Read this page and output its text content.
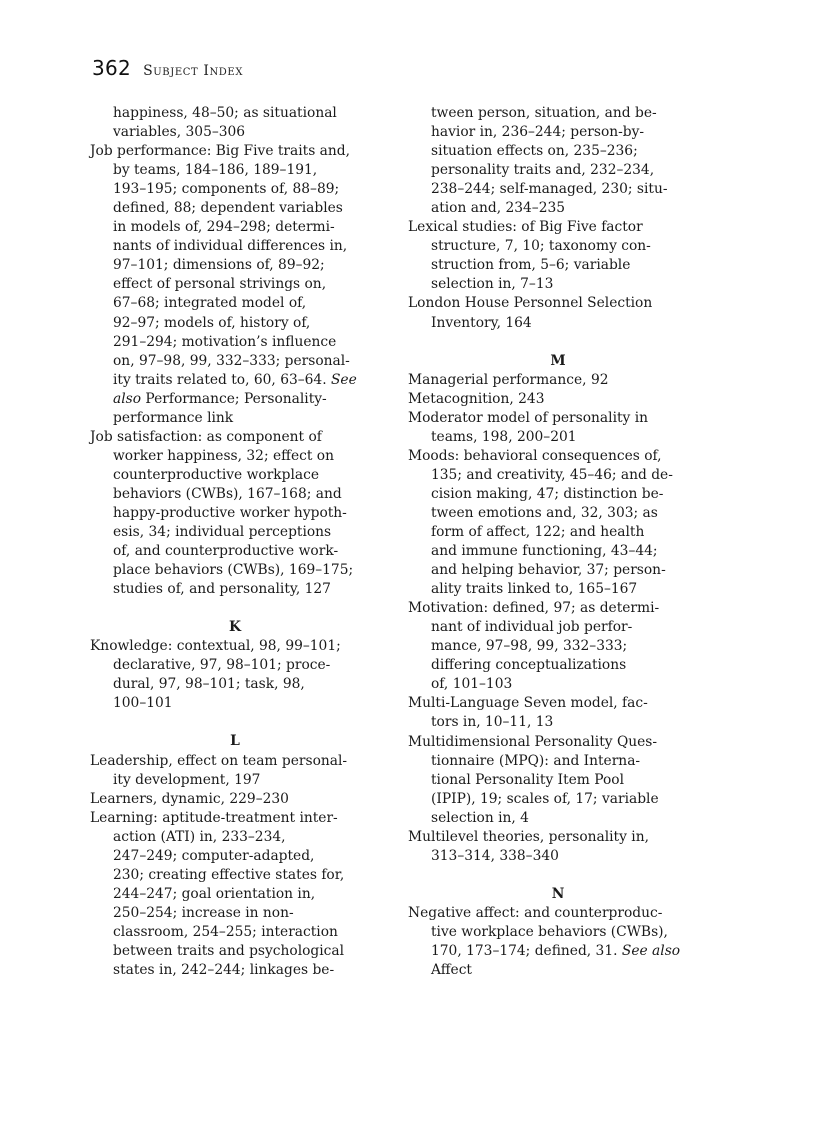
362 Subject Index
happiness, 48–50; as situational
variables, 305–306
Job performance: Big Five traits and,
by teams, 184–186, 189–191,
193–195; components of, 88–89;
defined, 88; dependent variables
in models of, 294–298; determi-
nants of individual differences in,
97–101; dimensions of, 89–92;
effect of personal strivings on,
67–68; integrated model of,
92–97; models of, history of,
291–294; motivation’s influence
on, 97–98, 99, 332–333; personal-
ity traits related to, 60, 63–64. See
also Performance; Personality-
performance link
Job satisfaction: as component of
worker happiness, 32; effect on
counterproductive workplace
behaviors (CWBs), 167–168; and
happy-productive worker hypoth-
esis, 34; individual perceptions
of, and counterproductive work-
place behaviors (CWBs), 169–175;
studies of, and personality, 127
K
Knowledge: contextual, 98, 99–101;
declarative, 97, 98–101; proce-
dural, 97, 98–101; task, 98,
100–101
L
Leadership, effect on team personal-
ity development, 197
Learners, dynamic, 229–230
Learning: aptitude-treatment inter-
action (ATI) in, 233–234,
247–249; computer-adapted,
230; creating effective states for,
244–247; goal orientation in,
250–254; increase in non-
classroom, 254–255; interaction
between traits and psychological
states in, 242–244; linkages be-
tween person, situation, and be-
havior in, 236–244; person-by-
situation effects on, 235–236;
personality traits and, 232–234,
238–244; self-managed, 230; situ-
ation and, 234–235
Lexical studies: of Big Five factor
structure, 7, 10; taxonomy con-
struction from, 5–6; variable
selection in, 7–13
London House Personnel Selection
Inventory, 164
M
Managerial performance, 92
Metacognition, 243
Moderator model of personality in
teams, 198, 200–201
Moods: behavioral consequences of,
135; and creativity, 45–46; and de-
cision making, 47; distinction be-
tween emotions and, 32, 303; as
form of affect, 122; and health
and immune functioning, 43–44;
and helping behavior, 37; person-
ality traits linked to, 165–167
Motivation: defined, 97; as determi-
nant of individual job perfor-
mance, 97–98, 99, 332–333;
differing conceptualizations
of, 101–103
Multi-Language Seven model, fac-
tors in, 10–11, 13
Multidimensional Personality Ques-
tionnaire (MPQ): and Interna-
tional Personality Item Pool
(IPIP), 19; scales of, 17; variable
selection in, 4
Multilevel theories, personality in,
313–314, 338–340
N
Negative affect: and counterproduc-
tive workplace behaviors (CWBs),
170, 173–174; defined, 31. See also
Affect
